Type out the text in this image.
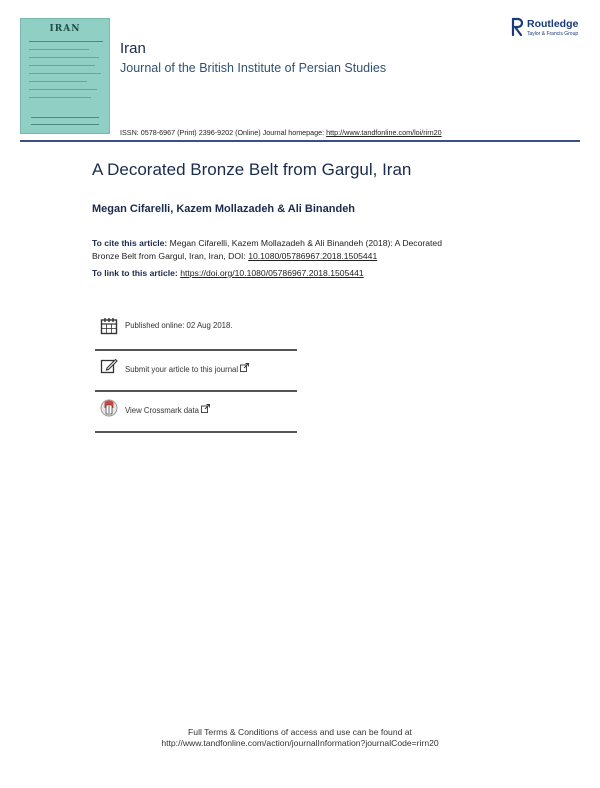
IRAN
Iran
Journal of the British Institute of Persian Studies
Routledge
Taylor & Francis Group
ISSN: 0578-6967 (Print) 2396-9202 (Online) Journal homepage: http://www.tandfonline.com/loi/rirn20
A Decorated Bronze Belt from Gargul, Iran
Megan Cifarelli, Kazem Mollazadeh & Ali Binandeh
To cite this article: Megan Cifarelli, Kazem Mollazadeh & Ali Binandeh (2018): A Decorated
Bronze Belt from Gargul, Iran, Iran, DOI: 10.1080/05786967.2018.1505441
To link to this article: https://doi.org/10.1080/05786967.2018.1505441
Published online: 02 Aug 2018.
Submit your article to this journal
View Crossmark data
Full Terms & Conditions of access and use can be found at
http://www.tandfonline.com/action/journalInformation?journalCode=rirn20
